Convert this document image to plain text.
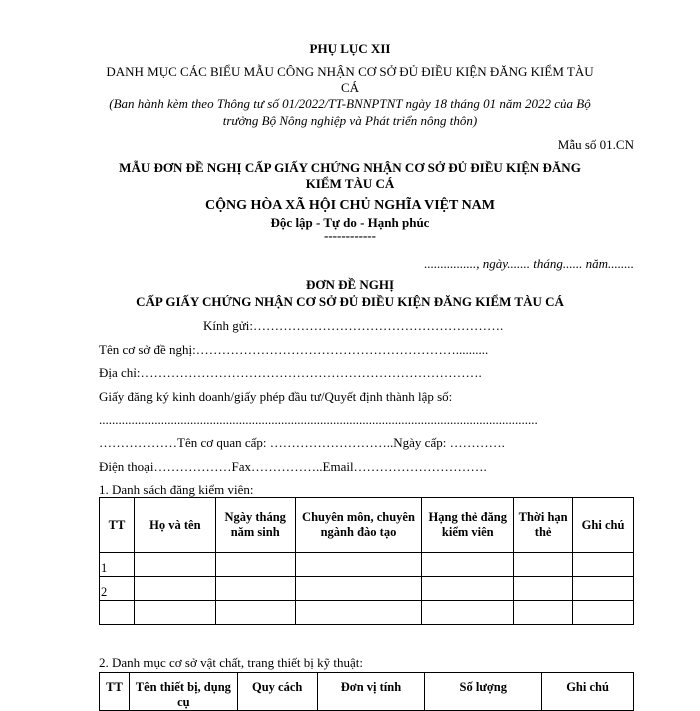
PHỤ LỤC XII
DANH MỤC CÁC BIỂU MẪU CÔNG NHẬN CƠ SỞ ĐỦ ĐIỀU KIỆN ĐĂNG KIỂM TÀU
CÁ
(Ban hành kèm theo Thông tư số 01/2022/TT-BNNPTNT ngày 18 tháng 01 năm 2022 của Bộ
trưởng Bộ Nông nghiệp và Phát triển nông thôn)
Mẫu số 01.CN
MẪU ĐƠN ĐỀ NGHỊ CẤP GIẤY CHỨNG NHẬN CƠ SỞ ĐỦ ĐIỀU KIỆN ĐĂNG
KIỂM TÀU CÁ
CỘNG HÒA XÃ HỘI CHỦ NGHĨA VIỆT NAM
Độc lập - Tự do - Hạnh phúc
------------
................, ngày....... tháng...... năm........
ĐƠN ĐỀ NGHỊ
CẤP GIẤY CHỨNG NHẬN CƠ SỞ ĐỦ ĐIỀU KIỆN ĐĂNG KIỂM TÀU CÁ
Kính gửi:………………………………………………….
Tên cơ sở đề nghị:……………………………………………………..........
Địa chỉ:…………………………………………………………………….
Giấy đăng ký kinh doanh/giấy phép đầu tư/Quyết định thành lập số:
.......................................................................................................................................
………………Tên cơ quan cấp: ………………………..Ngày cấp: ………….
Điện thoại………………Fax……………..Email………………………….
1. Danh sách đăng kiểm viên:
TT	Họ và tên	Ngày tháng năm sinh	Chuyên môn, chuyên ngành đào tạo	Hạng thẻ đăng kiểm viên	Thời hạn thẻ	Ghi chú
1						
2						

2. Danh mục cơ sở vật chất, trang thiết bị kỹ thuật:
TT	Tên thiết bị, dụng cụ	Quy cách	Đơn vị tính	Số lượng	Ghi chú
